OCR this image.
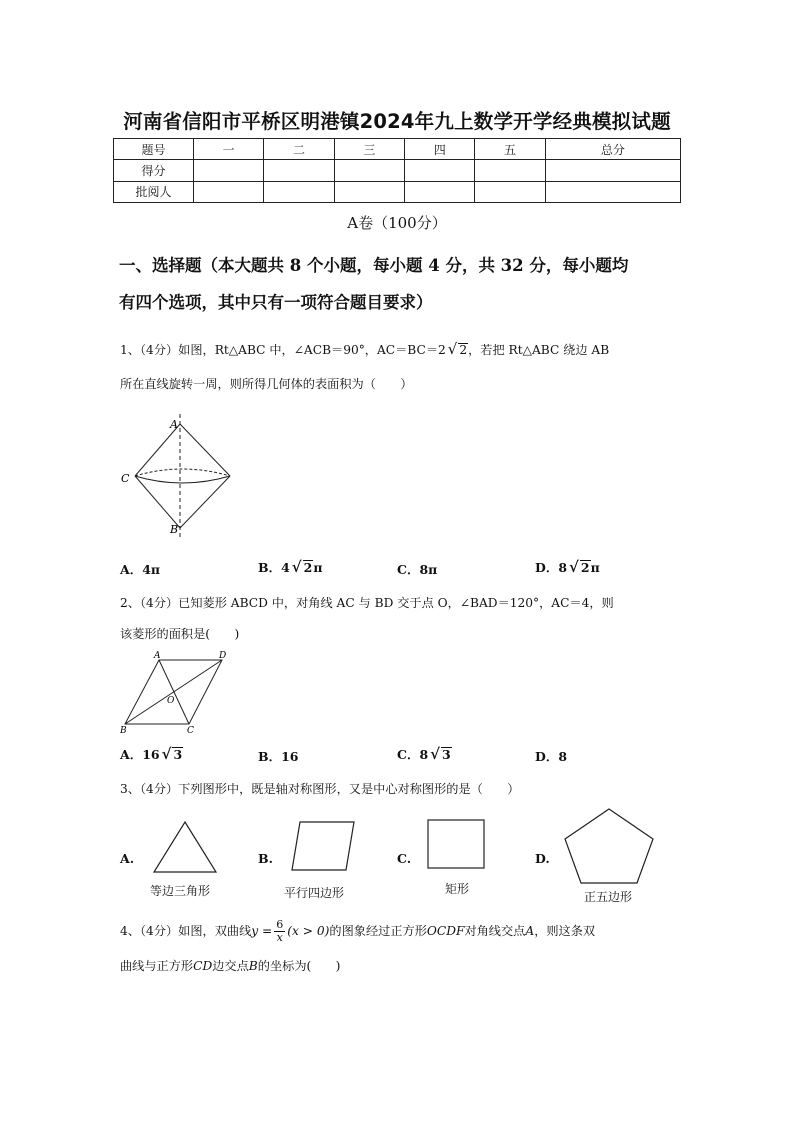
河南省信阳市平桥区明港镇2024年九上数学开学经典模拟试题
题号	一	二	三	四	五	总分
得分						
批阅人						
A卷（100分）
一、选择题（本大题共 8 个小题，每小题 4 分，共 32 分，每小题均
有四个选项，其中只有一项符合题目要求）
1、（4分）如图，Rt△ABC 中，∠ACB＝90°，AC＝BC＝2 √ 2，若把 Rt△ABC 绕边 AB
所在直线旋转一周，则所得几何体的表面积为（　　）
A
C
B
A．4π	B．4 √ 2π	C．8π	D．8 √ 2π
2、（4分）已知菱形 ABCD 中，对角线 AC 与 BD 交于点 O，∠BAD＝120°，AC＝4，则
该菱形的面积是(　　)
A	D
O
B	C
A．16 √ 3	B．16	C．8 √ 3	D．8
3、（4分）下列图形中，既是轴对称图形，又是中心对称图形的是（　　）
A.
等边三角形
B.
平行四边形
C.
矩形
D.
正五边形
4、（4分）如图，双曲线$y = \frac{6}{x} (x > 0)$的图象经过正方形OCDF对角线交点A，则这条双
曲线与正方形CD边交点B的坐标为(　　)
